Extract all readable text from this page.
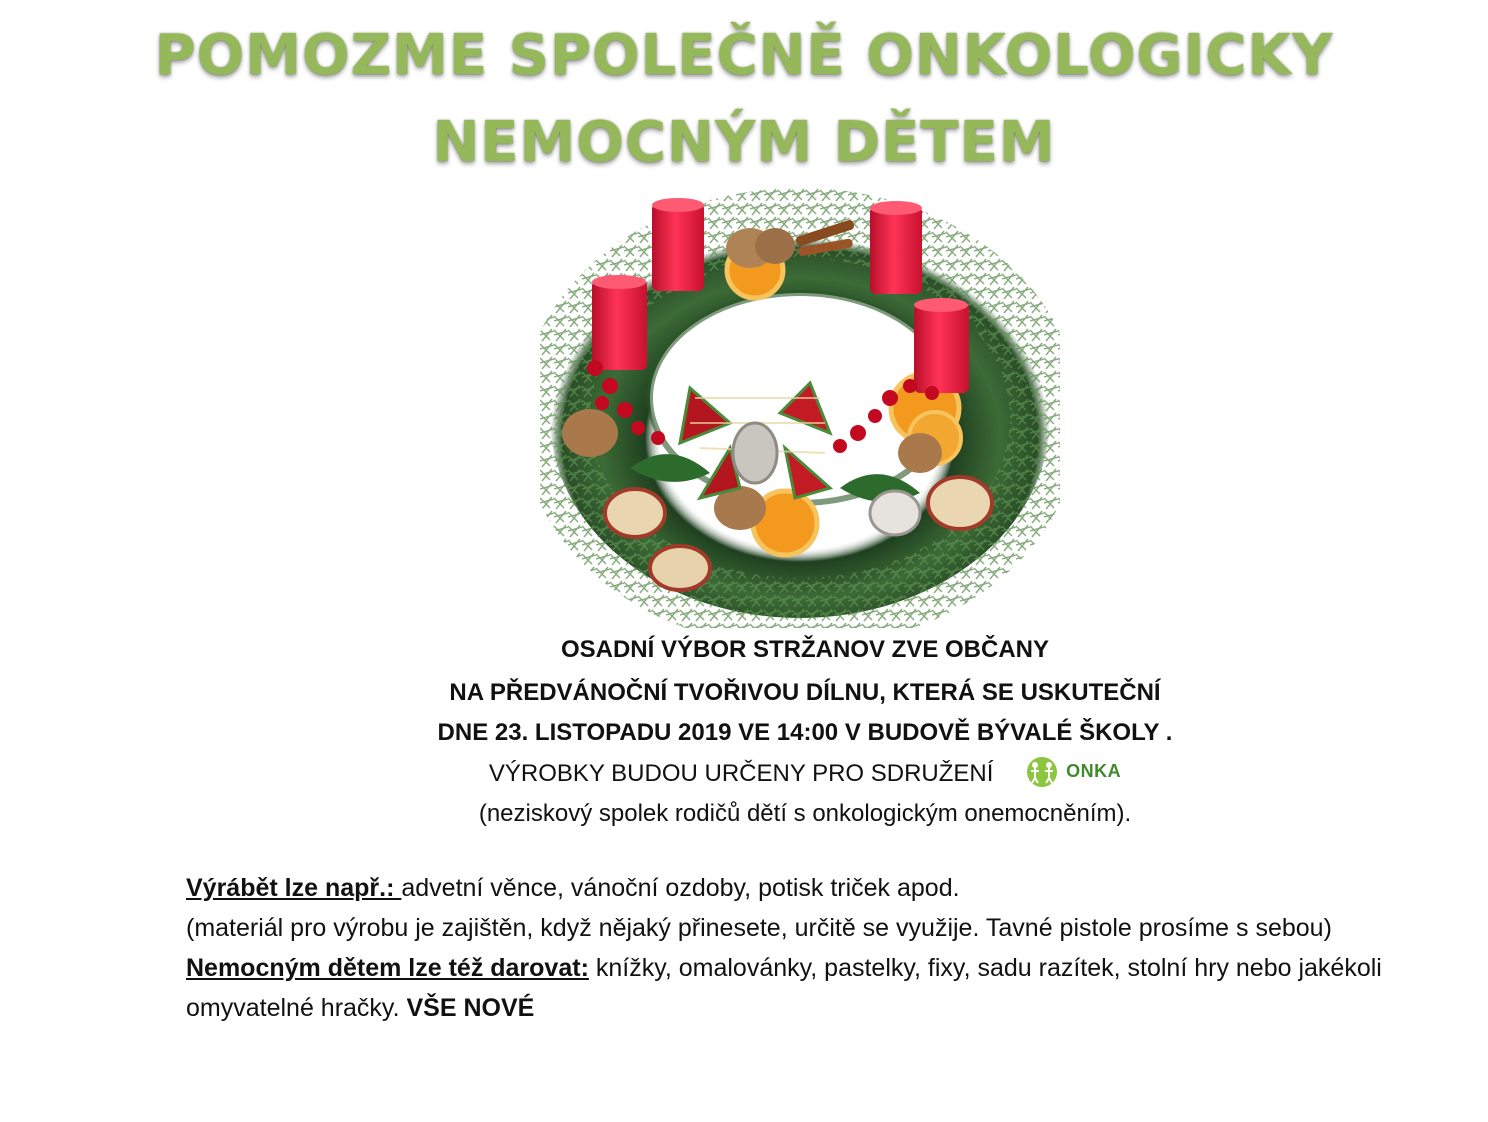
POMOZME SPOLEČNĚ ONKOLOGICKY
NEMOCNÝM DĚTEM
OSADNÍ VÝBOR STRŽANOV ZVE OBČANY
NA PŘEDVÁNOČNÍ TVOŘIVOU DÍLNU, KTERÁ SE USKUTEČNÍ
DNE 23. LISTOPADU 2019 VE 14:00 V BUDOVĚ BÝVALÉ ŠKOLY .
VÝROBKY BUDOU URČENY PRO SDRUŽENÍ	ONKA
(neziskový spolek rodičů dětí s onkologickým onemocněním).

Výrábět lze např.: advetní věnce, vánoční ozdoby, potisk triček apod.

(materiál pro výrobu je zajištěn, když nějaký přinesete, určitě se využije. Tavné pistole prosíme s sebou)

Nemocným dětem lze též darovat: knížky, omalovánky, pastelky, fixy, sadu razítek, stolní hry nebo jakékoli omyvatelné hračky. VŠE NOVÉ
